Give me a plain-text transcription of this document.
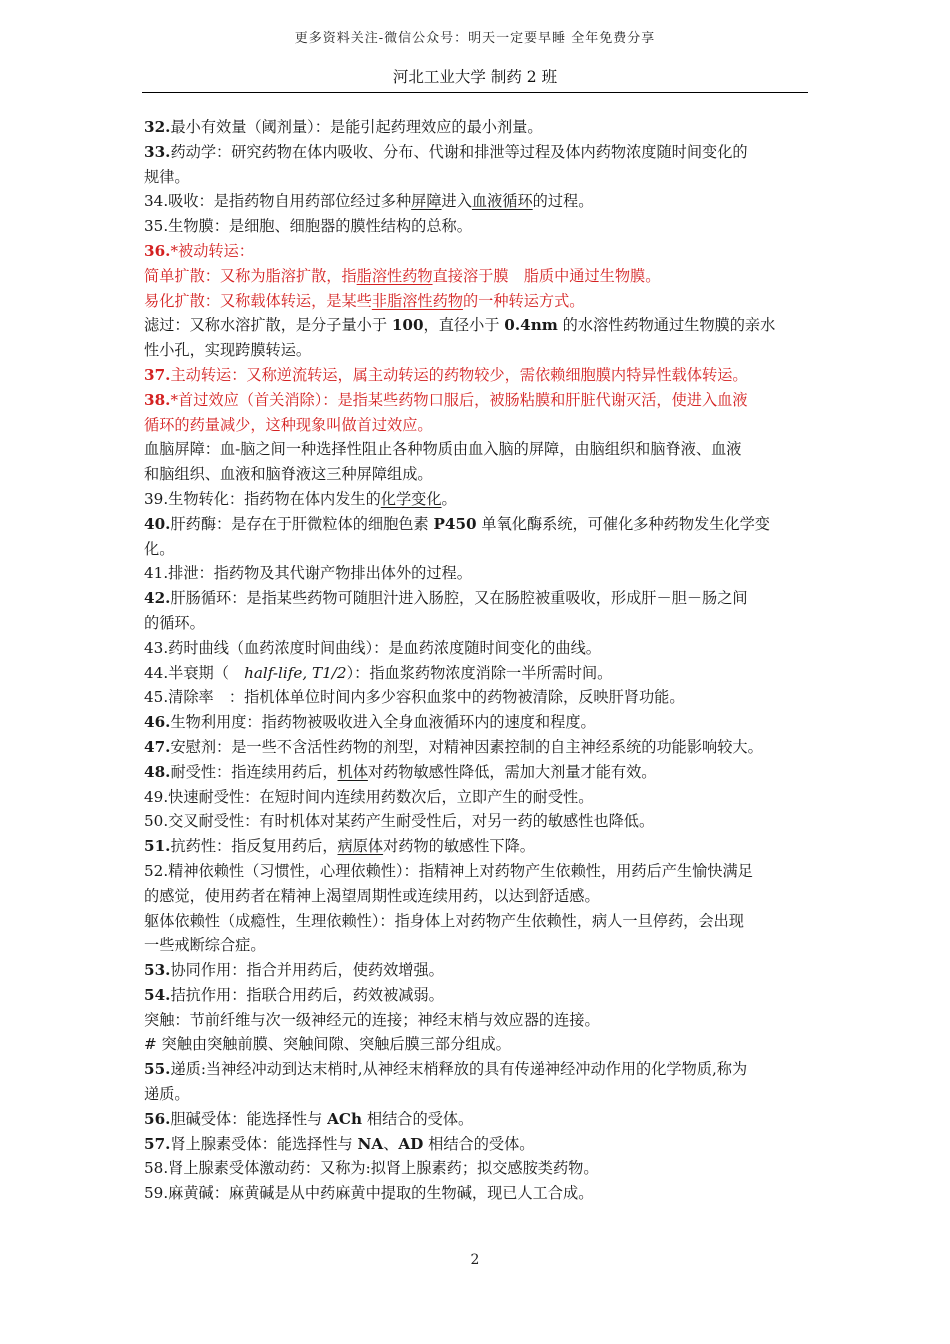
更多资料关注-微信公众号：明天一定要早睡 全年免费分享
河北工业大学 制药 2 班
32.最小有效量（阈剂量）：是能引起药理效应的最小剂量。
33.药动学：研究药物在体内吸收、分布、代谢和排泄等过程及体内药物浓度随时间变化的
规律。
34.吸收：是指药物自用药部位经过多种屏障进入血液循环的过程。
35.生物膜：是细胞、细胞器的膜性结构的总称。
36.*被动转运：
简单扩散：又称为脂溶扩散，指脂溶性药物直接溶于膜　脂质中通过生物膜。
易化扩散：又称载体转运，是某些非脂溶性药物的一种转运方式。
滤过：又称水溶扩散，是分子量小于 100，直径小于 0.4nm 的水溶性药物通过生物膜的亲水
性小孔，实现跨膜转运。
37.主动转运：又称逆流转运，属主动转运的药物较少，需依赖细胞膜内特异性载体转运。
38.*首过效应（首关消除）：是指某些药物口服后，被肠粘膜和肝脏代谢灭活，使进入血液
循环的药量减少，这种现象叫做首过效应。
血脑屏障：血-脑之间一种选择性阻止各种物质由血入脑的屏障，由脑组织和脑脊液、血液
和脑组织、血液和脑脊液这三种屏障组成。
39.生物转化：指药物在体内发生的化学变化。
40.肝药酶：是存在于肝微粒体的细胞色素 P450 单氧化酶系统，可催化多种药物发生化学变
化。
41.排泄：指药物及其代谢产物排出体外的过程。
42.肝肠循环：是指某些药物可随胆汁进入肠腔，又在肠腔被重吸收，形成肝－胆－肠之间
的循环。
43.药时曲线（血药浓度时间曲线）：是血药浓度随时间变化的曲线。
44.半衰期（　half-life, T1/2）：指血浆药物浓度消除一半所需时间。
45.清除率　：指机体单位时间内多少容积血浆中的药物被清除，反映肝肾功能。
46.生物利用度：指药物被吸收进入全身血液循环内的速度和程度。
47.安慰剂：是一些不含活性药物的剂型，对精神因素控制的自主神经系统的功能影响较大。
48.耐受性：指连续用药后，机体对药物敏感性降低，需加大剂量才能有效。
49.快速耐受性：在短时间内连续用药数次后，立即产生的耐受性。
50.交叉耐受性：有时机体对某药产生耐受性后，对另一药的敏感性也降低。
51.抗药性：指反复用药后，病原体对药物的敏感性下降。
52.精神依赖性（习惯性，心理依赖性）：指精神上对药物产生依赖性，用药后产生愉快满足
的感觉，使用药者在精神上渴望周期性或连续用药，以达到舒适感。
躯体依赖性（成瘾性，生理依赖性）：指身体上对药物产生依赖性，病人一旦停药，会出现
一些戒断综合症。
53.协同作用：指合并用药后，使药效增强。
54.拮抗作用：指联合用药后，药效被减弱。
突触：节前纤维与次一级神经元的连接；神经末梢与效应器的连接。
# 突触由突触前膜、突触间隙、突触后膜三部分组成。
55.递质:当神经冲动到达末梢时,从神经末梢释放的具有传递神经冲动作用的化学物质,称为
递质。
56.胆碱受体：能选择性与 ACh 相结合的受体。
57.肾上腺素受体：能选择性与 NA、AD 相结合的受体。
58.肾上腺素受体激动药：又称为:拟肾上腺素药；拟交感胺类药物。
59.麻黄碱：麻黄碱是从中药麻黄中提取的生物碱，现已人工合成。
2
